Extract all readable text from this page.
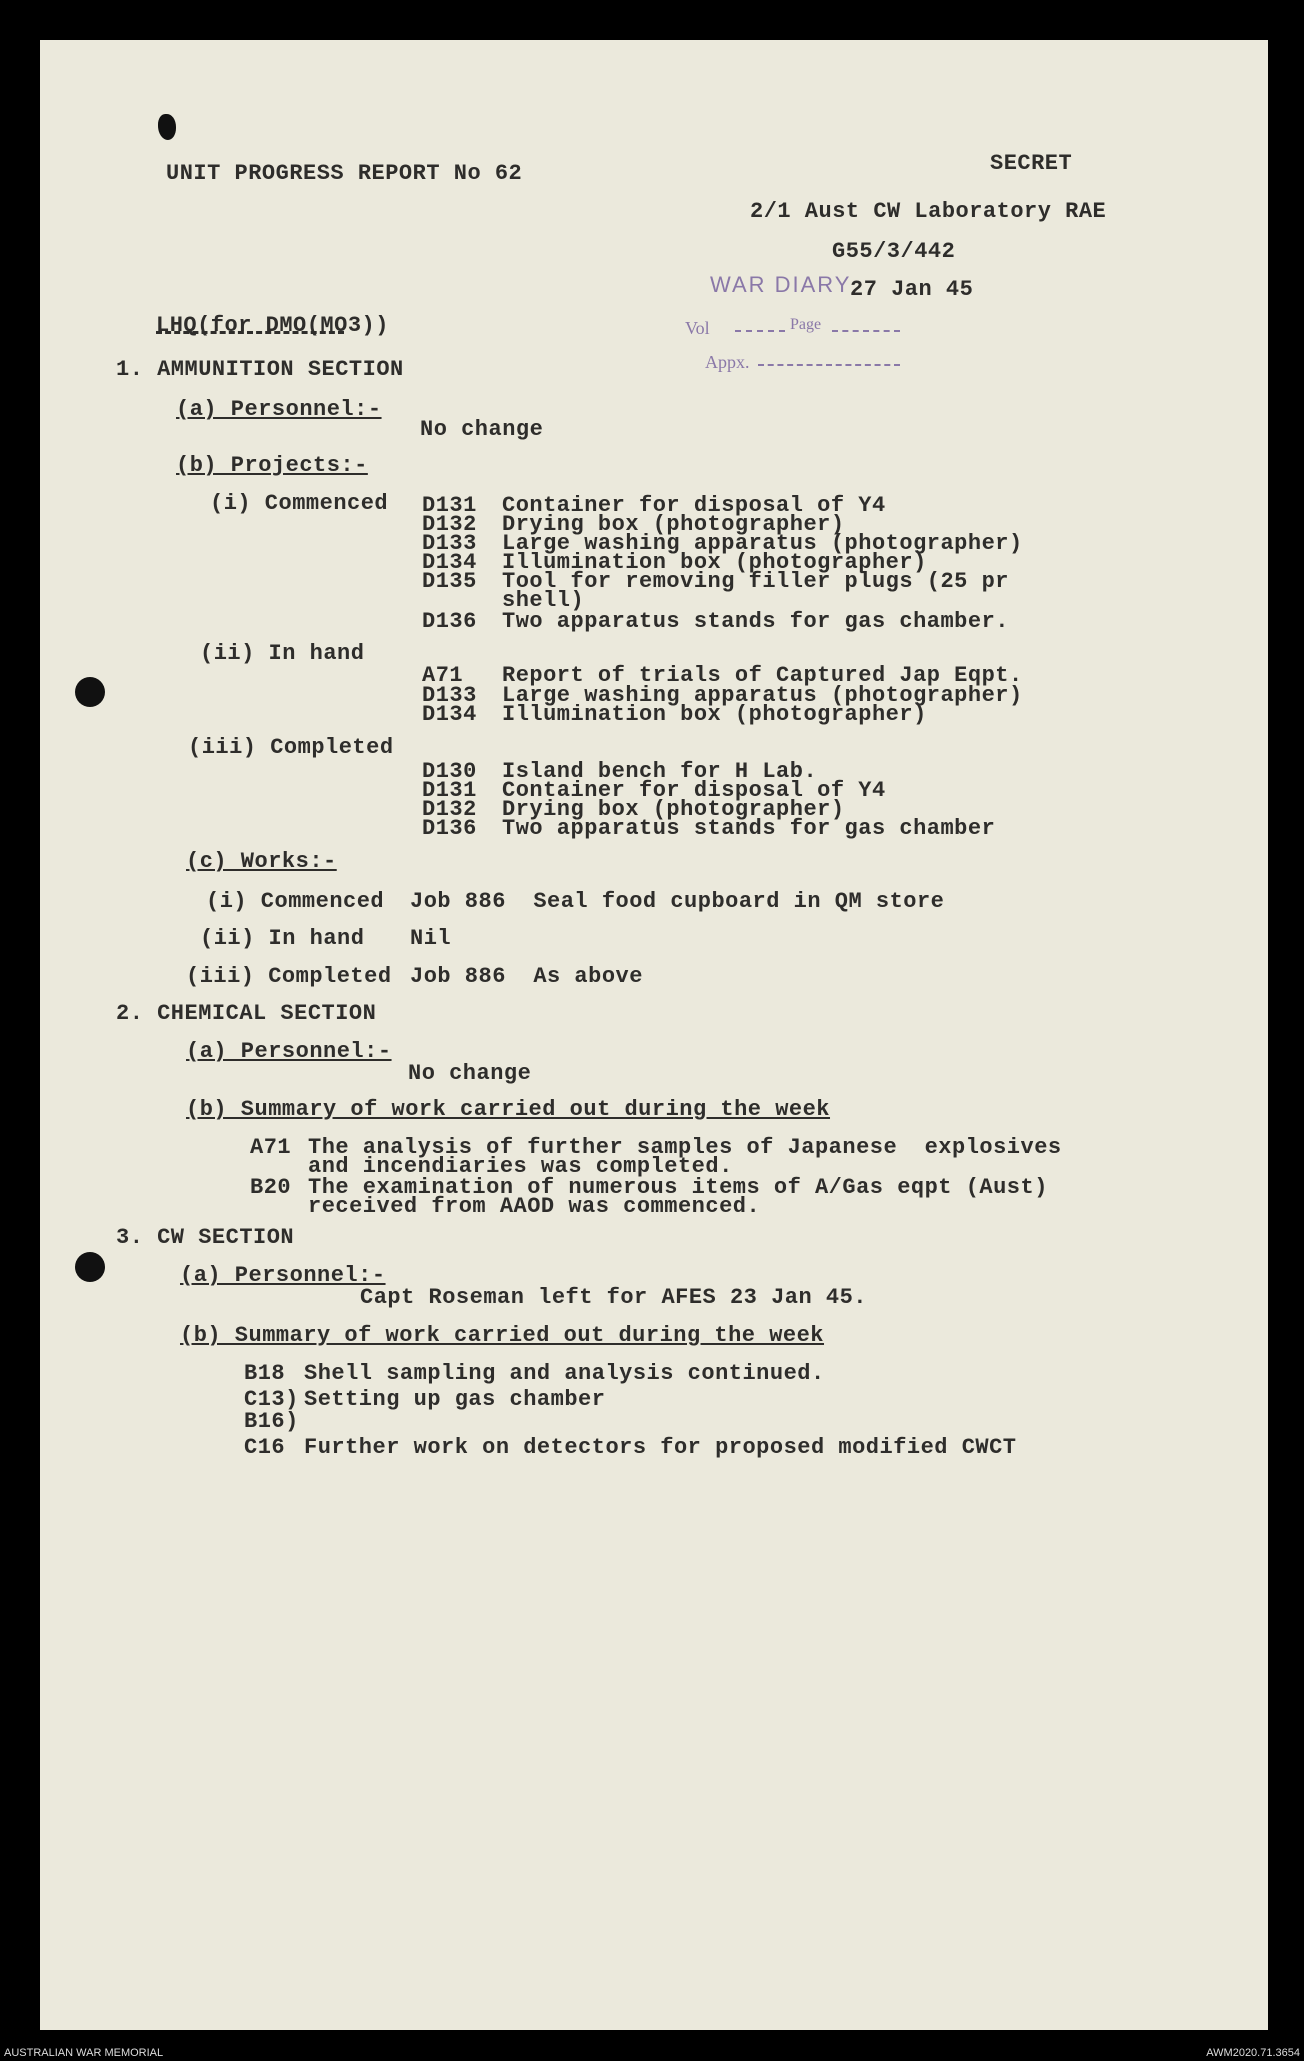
UNIT PROGRESS REPORT No 62	SECRET
2/1 Aust CW Laboratory RAE
G55/3/442
27 Jan 45
LHQ(for DMO(MO3))
WAR DIARY
Vol	Page
Appx.
1. AMMUNITION SECTION
(a) Personnel:-
No change
(b) Projects:-
(i) Commenced D131 Container for disposal of Y4
D132 Drying box (photographer)
D133 Large washing apparatus (photographer)
D134 Illumination box (photographer)
D135 Tool for removing filler plugs (25 pr
shell)
D136 Two apparatus stands for gas chamber.
(ii) In hand
A71 Report of trials of Captured Jap Eqpt.
D133 Large washing apparatus (photographer)
D134 Illumination box (photographer)
(iii) Completed
D130 Island bench for H Lab.
D131 Container for disposal of Y4
D132 Drying box (photographer)
D136 Two apparatus stands for gas chamber
(c) Works:-
(i) Commenced Job 886  Seal food cupboard in QM store
(ii) In hand Nil
(iii) Completed Job 886  As above
2. CHEMICAL SECTION
(a) Personnel:-
No change
(b) Summary of work carried out during the week
A71 The analysis of further samples of Japanese  explosives
and incendiaries was completed.
B20 The examination of numerous items of A/Gas eqpt (Aust)
received from AAOD was commenced.
3. CW SECTION
(a) Personnel:-
Capt Roseman left for AFES 23 Jan 45.
(b) Summary of work carried out during the week
B18 Shell sampling and analysis continued.
C13) Setting up gas chamber
B16)
C16 Further work on detectors for proposed modified CWCT
AUSTRALIAN WAR MEMORIAL	AWM2020.71.3654
